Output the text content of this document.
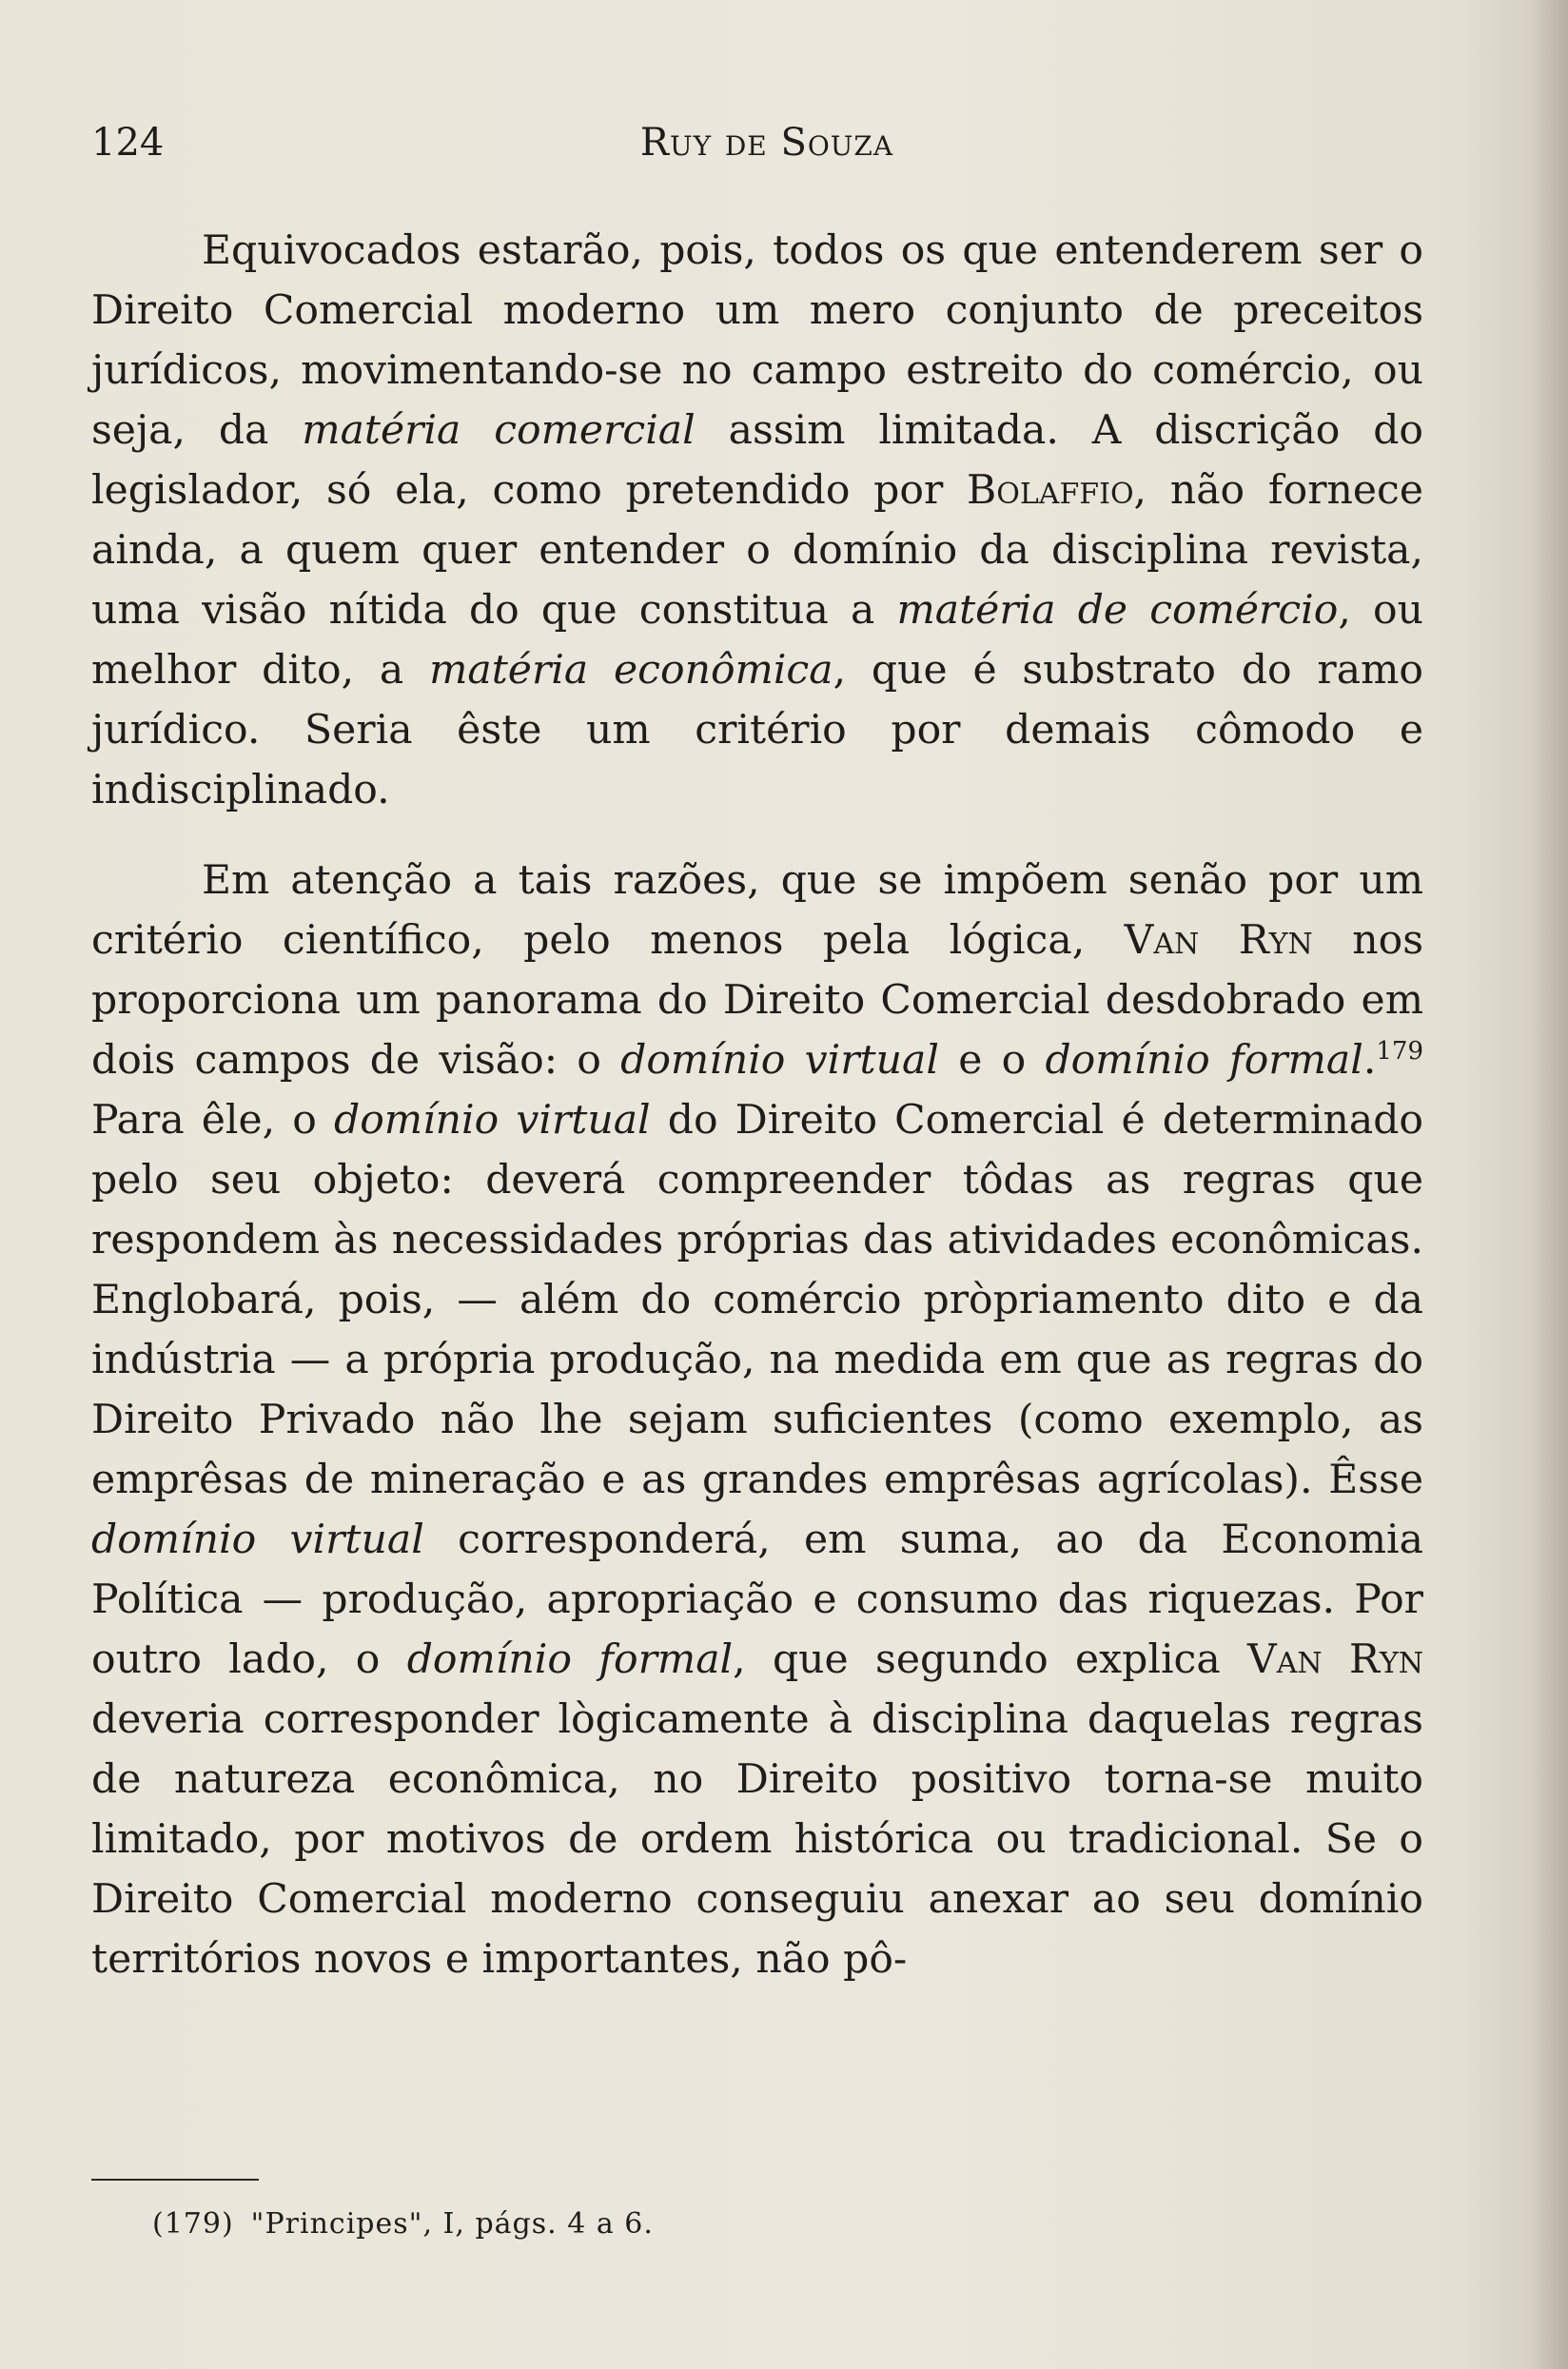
124	Ruy de Souza

Equivocados estarão, pois, todos os que entenderem ser o Direito Comercial moderno um mero conjunto de preceitos jurídicos, movimentando-se no campo estreito do comércio, ou seja, da matéria comercial assim limitada. A discrição do legislador, só ela, como pretendido por Bolaffio, não fornece ainda, a quem quer entender o domínio da disciplina revista, uma visão nítida do que constitua a matéria de comércio, ou melhor dito, a matéria econômica, que é substrato do ramo jurídico. Seria êste um critério por demais cômodo e indisciplinado.

Em atenção a tais razões, que se impõem senão por um critério científico, pelo menos pela lógica, Van Ryn nos proporciona um panorama do Direito Comercial desdobrado em dois campos de visão: o domínio virtual e o domínio formal.$^{179}$ Para êle, o domínio virtual do Direito Comercial é determinado pelo seu objeto: deverá compreender tôdas as regras que respondem às necessidades próprias das atividades econômicas. Englobará, pois, — além do comércio pròpriamento dito e da indústria — a própria produção, na medida em que as regras do Direito Privado não lhe sejam suficientes (como exemplo, as emprêsas de mineração e as grandes emprêsas agrícolas). Êsse domínio virtual corresponderá, em suma, ao da Economia Política — produção, apropriação e consumo das riquezas. Por outro lado, o domínio formal, que segundo explica Van Ryn deveria corresponder lògicamente à disciplina daquelas regras de natureza econômica, no Direito positivo torna-se muito limitado, por motivos de ordem histórica ou tradicional. Se o Direito Comercial moderno conseguiu anexar ao seu domínio territórios novos e importantes, não pô-

(179) "Principes", I, págs. 4 a 6.
